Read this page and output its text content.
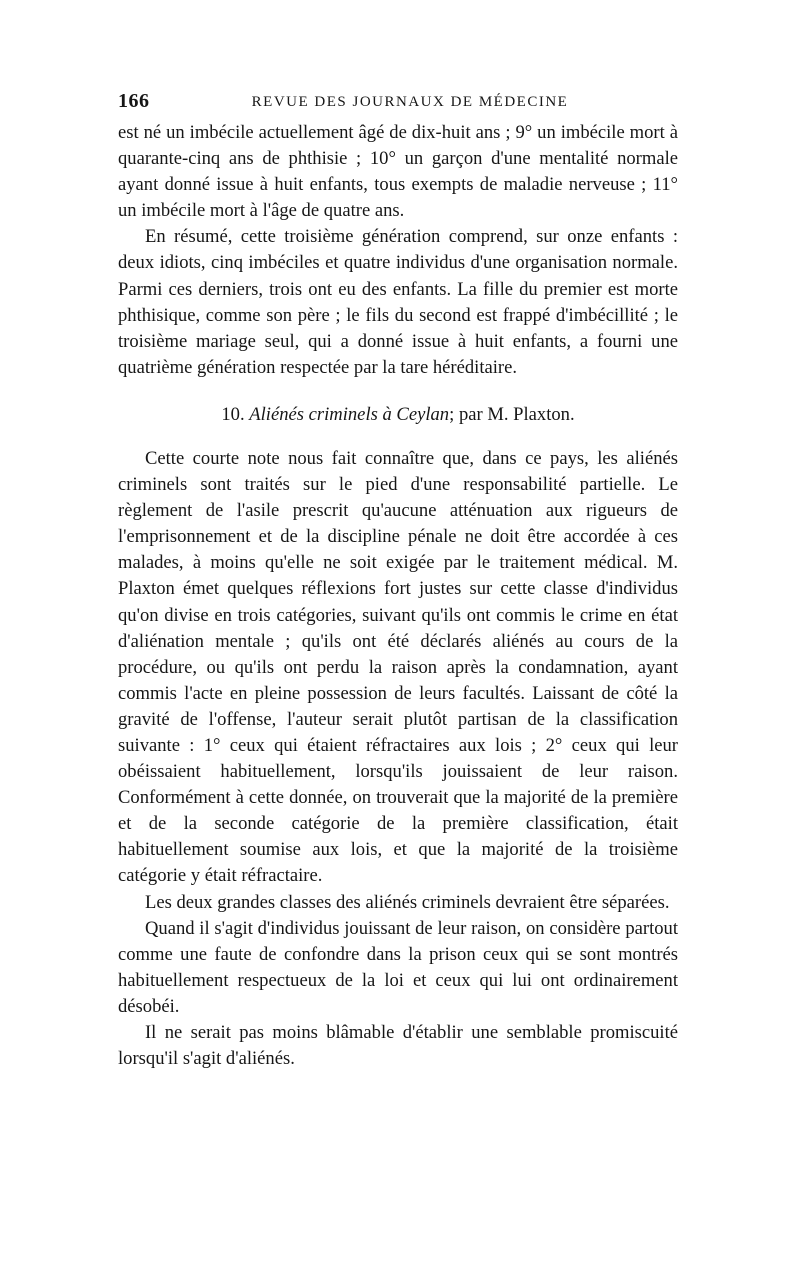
166	REVUE DES JOURNAUX DE MÉDECINE

est né un imbécile actuellement âgé de dix-huit ans ; 9° un imbécile mort à quarante-cinq ans de phthisie ; 10° un garçon d'une mentalité normale ayant donné issue à huit enfants, tous exempts de maladie nerveuse ; 11° un imbécile mort à l'âge de quatre ans.

En résumé, cette troisième génération comprend, sur onze enfants : deux idiots, cinq imbéciles et quatre individus d'une organisation normale. Parmi ces derniers, trois ont eu des enfants. La fille du premier est morte phthisique, comme son père ; le fils du second est frappé d'imbécillité ; le troisième mariage seul, qui a donné issue à huit enfants, a fourni une quatrième génération respectée par la tare héréditaire.

10. Aliénés criminels à Ceylan; par M. Plaxton.

Cette courte note nous fait connaître que, dans ce pays, les aliénés criminels sont traités sur le pied d'une responsabilité partielle. Le règlement de l'asile prescrit qu'aucune atténuation aux rigueurs de l'emprisonnement et de la discipline pénale ne doit être accordée à ces malades, à moins qu'elle ne soit exigée par le traitement médical. M. Plaxton émet quelques réflexions fort justes sur cette classe d'individus qu'on divise en trois catégories, suivant qu'ils ont commis le crime en état d'aliénation mentale ; qu'ils ont été déclarés aliénés au cours de la procédure, ou qu'ils ont perdu la raison après la condamnation, ayant commis l'acte en pleine possession de leurs facultés. Laissant de côté la gravité de l'offense, l'auteur serait plutôt partisan de la classification suivante : 1° ceux qui étaient réfractaires aux lois ; 2° ceux qui leur obéissaient habituellement, lorsqu'ils jouissaient de leur raison. Conformément à cette donnée, on trouverait que la majorité de la première et de la seconde catégorie de la première classification, était habituellement soumise aux lois, et que la majorité de la troisième catégorie y était réfractaire.

Les deux grandes classes des aliénés criminels devraient être séparées.

Quand il s'agit d'individus jouissant de leur raison, on considère partout comme une faute de confondre dans la prison ceux qui se sont montrés habituellement respectueux de la loi et ceux qui lui ont ordinairement désobéi.

Il ne serait pas moins blâmable d'établir une semblable promiscuité lorsqu'il s'agit d'aliénés.
